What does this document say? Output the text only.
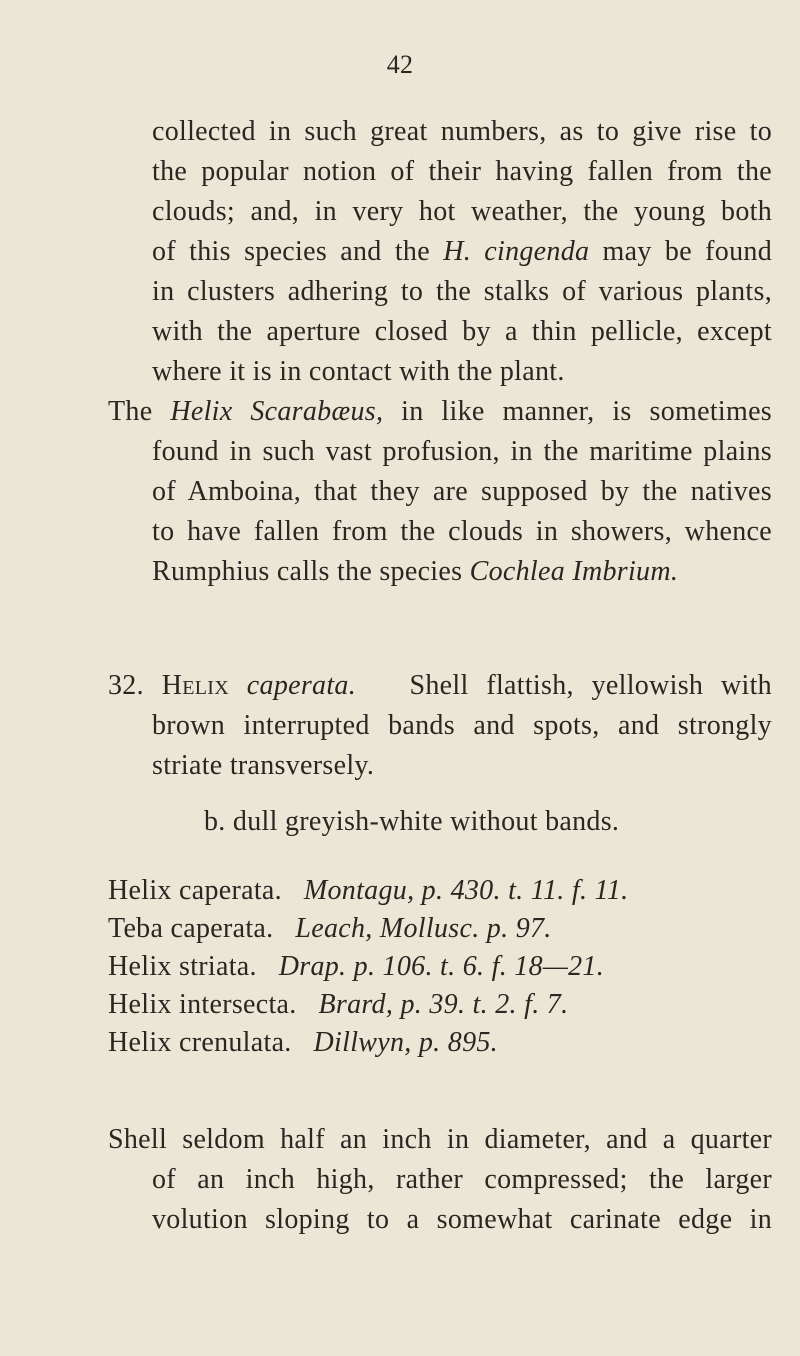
42
collected in such great numbers, as to give rise to
the popular notion of their having fallen from the
clouds; and, in very hot weather, the young both
of this species and the H. cingenda may be found
in clusters adhering to the stalks of various plants,
with the aperture closed by a thin pellicle, except
where it is in contact with the plant.
The Helix Scarabæus, in like manner, is sometimes
found in such vast profusion, in the maritime plains
of Amboina, that they are supposed by the natives
to have fallen from the clouds in showers, whence
Rumphius calls the species Cochlea Imbrium.
32. Helix caperata. Shell flattish, yellowish with
brown interrupted bands and spots, and strongly
striate transversely.
b. dull greyish-white without bands.
Helix caperata. Montagu, p. 430. t. 11. f. 11.
Teba caperata. Leach, Mollusc. p. 97.
Helix striata. Drap. p. 106. t. 6. f. 18—21.
Helix intersecta. Brard, p. 39. t. 2. f. 7.
Helix crenulata. Dillwyn, p. 895.
Shell seldom half an inch in diameter, and a quarter
of an inch high, rather compressed; the larger
volution sloping to a somewhat carinate edge in
